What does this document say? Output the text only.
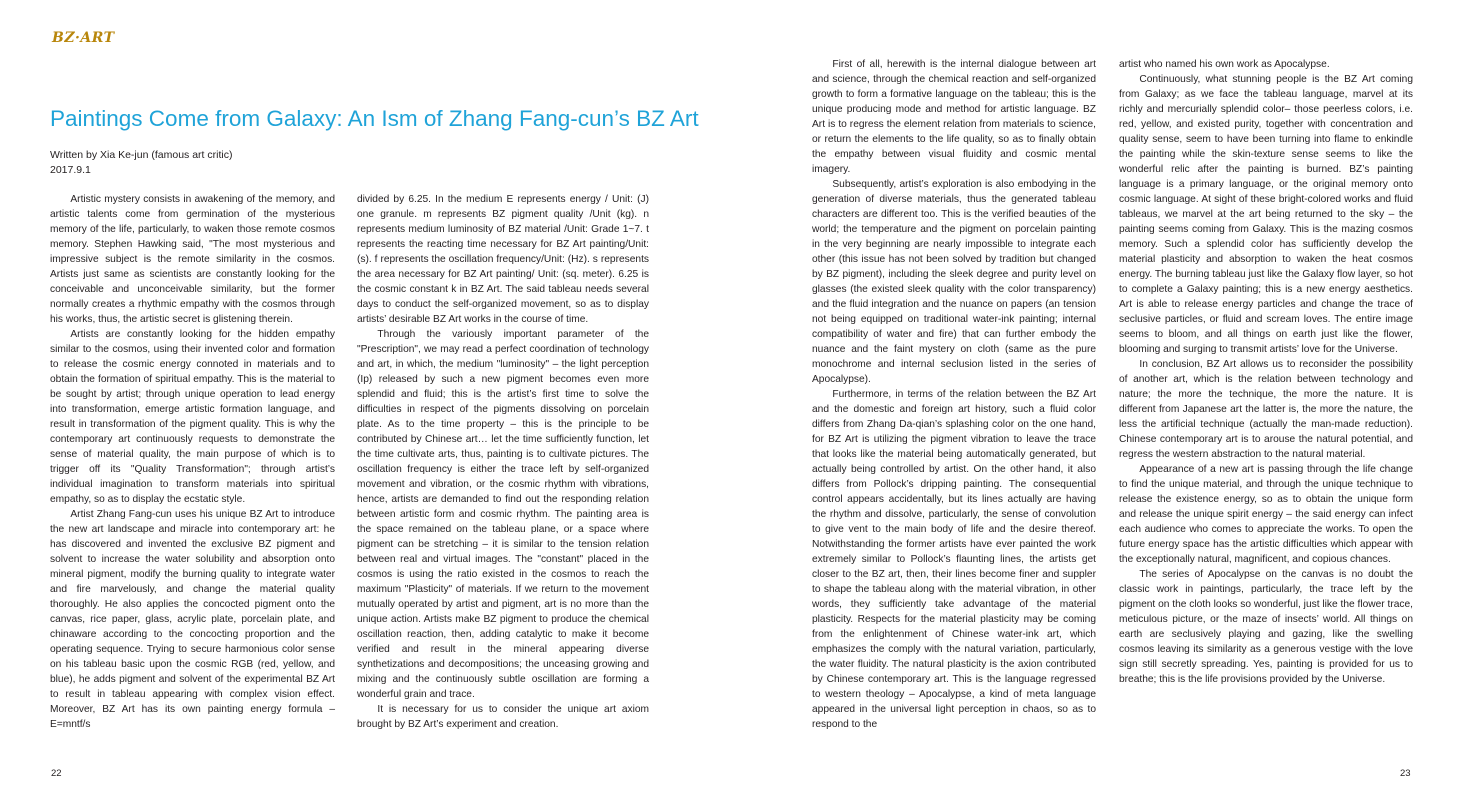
BZ·ART
Paintings Come from Galaxy: An Ism of Zhang Fang-cun’s BZ Art
Written by Xia Ke-jun (famous art critic)
2017.9.1

Artistic mystery consists in awakening of the memory, and artistic talents come from germination of the mysterious memory of the life, particularly, to waken those remote cosmos memory. Stephen Hawking said, "The most mysterious and impressive subject is the remote similarity in the cosmos. Artists just same as scientists are constantly looking for the conceivable and unconceivable similarity, but the former normally creates a rhythmic empathy with the cosmos through his works, thus, the artistic secret is glistening therein.

Artists are constantly looking for the hidden empathy similar to the cosmos, using their invented color and formation to release the cosmic energy connoted in materials and to obtain the formation of spiritual empathy. This is the material to be sought by artist; through unique operation to lead energy into transformation, emerge artistic formation language, and result in transformation of the pigment quality. This is why the contemporary art continuously requests to demonstrate the sense of material quality, the main purpose of which is to trigger off its "Quality Transformation"; through artist’s individual imagination to transform materials into spiritual empathy, so as to display the ecstatic style.

Artist Zhang Fang-cun uses his unique BZ Art to introduce the new art landscape and miracle into contemporary art: he has discovered and invented the exclusive BZ pigment and solvent to increase the water solubility and absorption onto mineral pigment, modify the burning quality to integrate water and fire marvelously, and change the material quality thoroughly. He also applies the concocted pigment onto the canvas, rice paper, glass, acrylic plate, porcelain plate, and chinaware according to the concocting proportion and the operating sequence. Trying to secure harmonious color sense on his tableau basic upon the cosmic RGB (red, yellow, and blue), he adds pigment and solvent of the experimental BZ Art to result in tableau appearing with complex vision effect. Moreover, BZ Art has its own painting energy formula – E=mntf/s

divided by 6.25. In the medium E represents energy / Unit: (J) one granule. m represents BZ pigment quality /Unit (kg). n represents medium luminosity of BZ material /Unit: Grade 1~7. t represents the reacting time necessary for BZ Art painting/Unit: (s). f represents the oscillation frequency/Unit: (Hz). s represents the area necessary for BZ Art painting/ Unit: (sq. meter). 6.25 is the cosmic constant k in BZ Art. The said tableau needs several days to conduct the self-organized movement, so as to display artists’ desirable BZ Art works in the course of time.

Through the variously important parameter of the "Prescription", we may read a perfect coordination of technology and art, in which, the medium "luminosity" – the light perception (Ip) released by such a new pigment becomes even more splendid and fluid; this is the artist’s first time to solve the difficulties in respect of the pigments dissolving on porcelain plate. As to the time property – this is the principle to be contributed by Chinese art… let the time sufficiently function, let the time cultivate arts, thus, painting is to cultivate pictures. The oscillation frequency is either the trace left by self-organized movement and vibration, or the cosmic rhythm with vibrations, hence, artists are demanded to find out the responding relation between artistic form and cosmic rhythm. The painting area is the space remained on the tableau plane, or a space where pigment can be stretching – it is similar to the tension relation between real and virtual images. The "constant" placed in the cosmos is using the ratio existed in the cosmos to reach the maximum "Plasticity" of materials. If we return to the movement mutually operated by artist and pigment, art is no more than the unique action. Artists make BZ pigment to produce the chemical oscillation reaction, then, adding catalytic to make it become verified and result in the mineral appearing diverse synthetizations and decompositions; the unceasing growing and mixing and the continuously subtle oscillation are forming a wonderful grain and trace.

It is necessary for us to consider the unique art axiom brought by BZ Art’s experiment and creation.

22

First of all, herewith is the internal dialogue between art and science, through the chemical reaction and self-organized growth to form a formative language on the tableau; this is the unique producing mode and method for artistic language. BZ Art is to regress the element relation from materials to science, or return the elements to the life quality, so as to finally obtain the empathy between visual fluidity and cosmic mental imagery.

Subsequently, artist’s exploration is also embodying in the generation of diverse materials, thus the generated tableau characters are different too. This is the verified beauties of the world; the temperature and the pigment on porcelain painting in the very beginning are nearly impossible to integrate each other (this issue has not been solved by tradition but changed by BZ pigment), including the sleek degree and purity level on glasses (the existed sleek quality with the color transparency) and the fluid integration and the nuance on papers (an tension not being equipped on traditional water-ink painting; internal compatibility of water and fire) that can further embody the nuance and the faint mystery on cloth (same as the pure monochrome and internal seclusion listed in the series of Apocalypse).

Furthermore, in terms of the relation between the BZ Art and the domestic and foreign art history, such a fluid color differs from Zhang Da-qian’s splashing color on the one hand, for BZ Art is utilizing the pigment vibration to leave the trace that looks like the material being automatically generated, but actually being controlled by artist. On the other hand, it also differs from Pollock’s dripping painting. The consequential control appears accidentally, but its lines actually are having the rhythm and dissolve, particularly, the sense of convolution to give vent to the main body of life and the desire thereof. Notwithstanding the former artists have ever painted the work extremely similar to Pollock’s flaunting lines, the artists get closer to the BZ art, then, their lines become finer and suppler to shape the tableau along with the material vibration, in other words, they sufficiently take advantage of the material plasticity. Respects for the material plasticity may be coming from the enlightenment of Chinese water-ink art, which emphasizes the comply with the natural variation, particularly, the water fluidity. The natural plasticity is the axion contributed by Chinese contemporary art. This is the language regressed to western theology – Apocalypse, a kind of meta language appeared in the universal light perception in chaos, so as to respond to the

artist who named his own work as Apocalypse.

Continuously, what stunning people is the BZ Art coming from Galaxy; as we face the tableau language, marvel at its richly and mercurially splendid color– those peerless colors, i.e. red, yellow, and existed purity, together with concentration and quality sense, seem to have been turning into flame to enkindle the painting while the skin-texture sense seems to like the wonderful relic after the painting is burned. BZ’s painting language is a primary language, or the original memory onto cosmic language. At sight of these bright-colored works and fluid tableaus, we marvel at the art being returned to the sky – the painting seems coming from Galaxy. This is the mazing cosmos memory. Such a splendid color has sufficiently develop the material plasticity and absorption to waken the heat cosmos energy. The burning tableau just like the Galaxy flow layer, so hot to complete a Galaxy painting; this is a new energy aesthetics. Art is able to release energy particles and change the trace of seclusive particles, or fluid and scream loves. The entire image seems to bloom, and all things on earth just like the flower, blooming and surging to transmit artists’ love for the Universe.

In conclusion, BZ Art allows us to reconsider the possibility of another art, which is the relation between technology and nature; the more the technique, the more the nature. It is different from Japanese art the latter is, the more the nature, the less the artificial technique (actually the man-made reduction). Chinese contemporary art is to arouse the natural potential, and regress the western abstraction to the natural material.

Appearance of a new art is passing through the life change to find the unique material, and through the unique technique to release the existence energy, so as to obtain the unique form and release the unique spirit energy – the said energy can infect each audience who comes to appreciate the works. To open the future energy space has the artistic difficulties which appear with the exceptionally natural, magnificent, and copious chances.

The series of Apocalypse on the canvas is no doubt the classic work in paintings, particularly, the trace left by the pigment on the cloth looks so wonderful, just like the flower trace, meticulous picture, or the maze of insects’ world. All things on earth are seclusively playing and gazing, like the swelling cosmos leaving its similarity as a generous vestige with the love sign still secretly spreading. Yes, painting is provided for us to breathe; this is the life provisions provided by the Universe.

23
